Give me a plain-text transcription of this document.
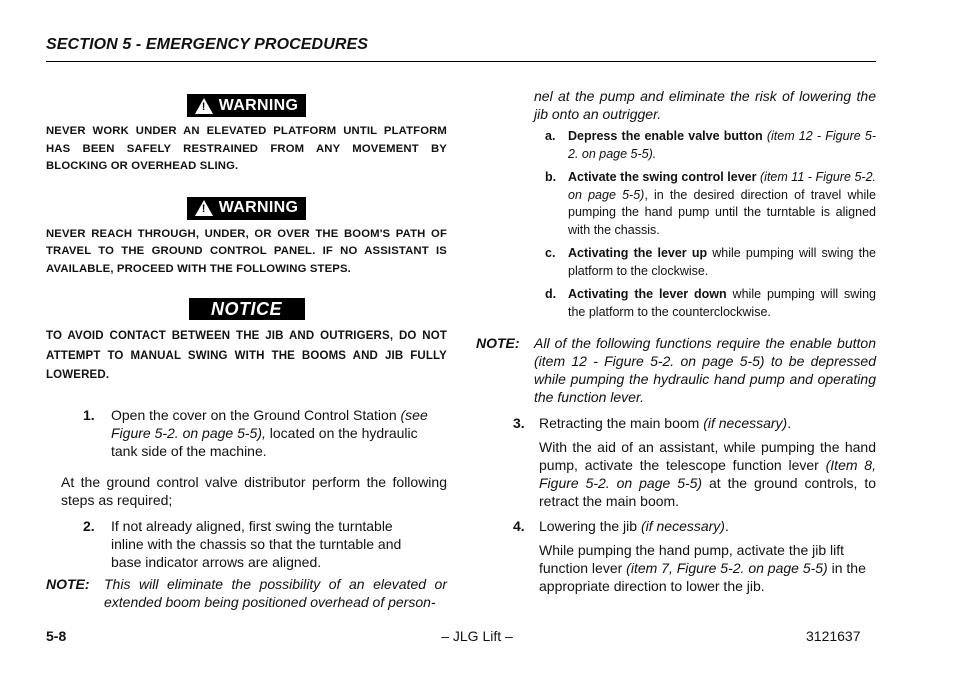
SECTION 5 - EMERGENCY PROCEDURES
! WARNING
NEVER WORK UNDER AN ELEVATED PLATFORM UNTIL PLATFORM HAS BEEN SAFELY RESTRAINED FROM ANY MOVEMENT BY BLOCKING OR OVERHEAD SLING.
! WARNING
NEVER REACH THROUGH, UNDER, OR OVER THE BOOM'S PATH OF TRAVEL TO THE GROUND CONTROL PANEL. IF NO ASSISTANT IS AVAILABLE, PROCEED WITH THE FOLLOWING STEPS.
NOTICE
TO AVOID CONTACT BETWEEN THE JIB AND OUTRIGERS, DO NOT ATTEMPT TO MANUAL SWING WITH THE BOOMS AND JIB FULLY LOWERED.
1.	Open the cover on the Ground Control Station (see Figure 5-2. on page 5-5), located on the hydraulic tank side of the machine.
At the ground control valve distributor perform the following steps as required;
2.	If not already aligned, first swing the turntable inline with the chassis so that the turntable and base indicator arrows are aligned.
NOTE:	This will eliminate the possibility of an elevated or extended boom being positioned overhead of person-
nel at the pump and eliminate the risk of lowering the jib onto an outrigger.
a.	Depress the enable valve button (item 12 - Figure 5-2. on page 5-5).
b. Activate the swing control lever (item 11 - Figure 5-2. on page 5-5), in the desired direction of travel while pumping the hand pump until the turntable is aligned with the chassis.
c.	Activating the lever up while pumping will swing the platform to the clockwise.
d. Activating the lever down while pumping will swing the platform to the counterclockwise.
NOTE:	All of the following functions require the enable button (item 12 - Figure 5-2. on page 5-5) to be depressed while pumping the hydraulic hand pump and operating the function lever.
3.	Retracting the main boom (if necessary).
With the aid of an assistant, while pumping the hand pump, activate the telescope function lever (Item 8, Figure 5-2. on page 5-5) at the ground controls, to retract the main boom.
4.	Lowering the jib (if necessary).
While pumping the hand pump, activate the jib lift function lever (item 7, Figure 5-2. on page 5-5) in the appropriate direction to lower the jib.
5-8	– JLG Lift –	3121637
